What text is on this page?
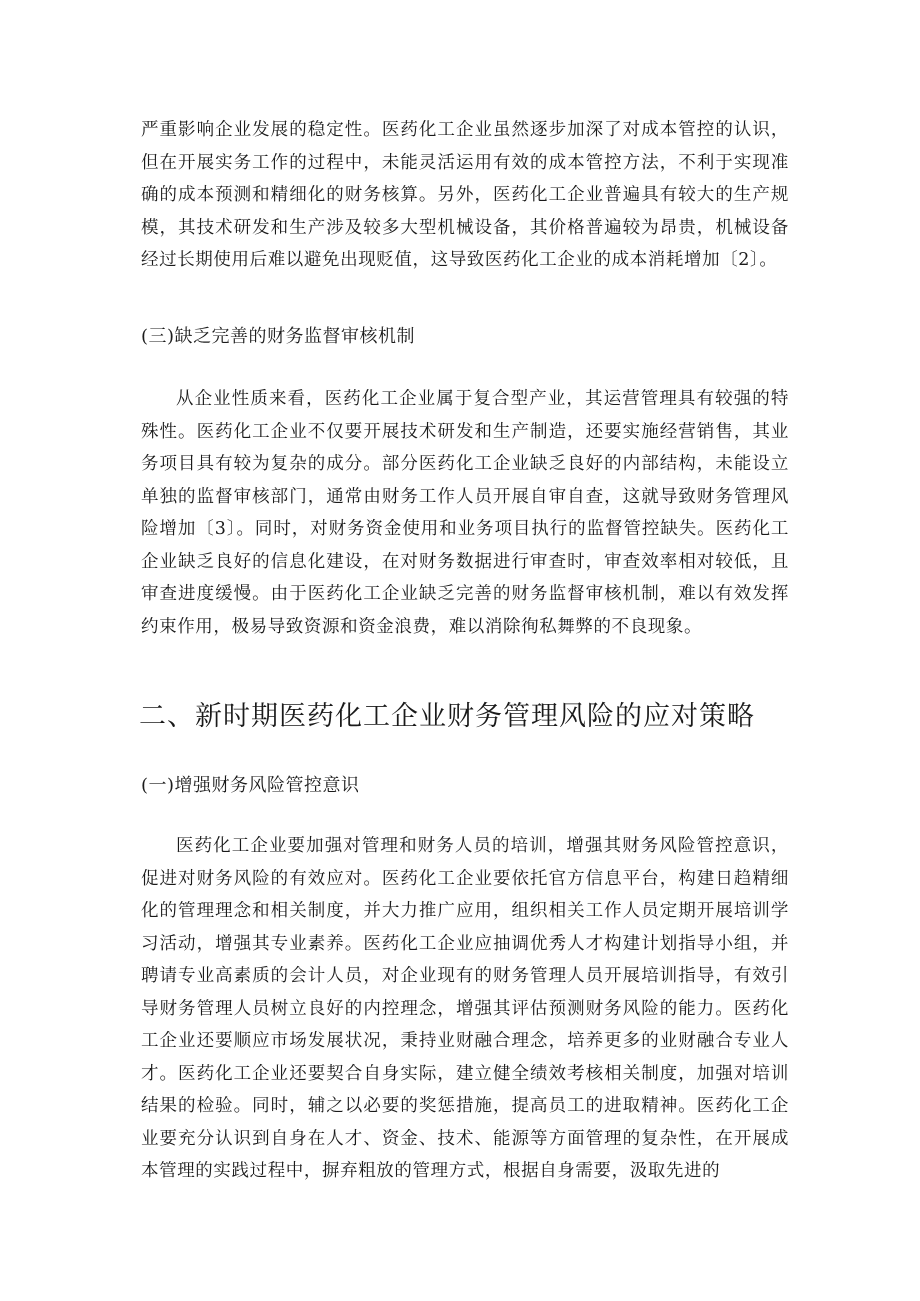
严重影响企业发展的稳定性。医药化工企业虽然逐步加深了对成本管控的认识，但在开展实务工作的过程中，未能灵活运用有效的成本管控方法，不利于实现准确的成本预测和精细化的财务核算。另外，医药化工企业普遍具有较大的生产规模，其技术研发和生产涉及较多大型机械设备，其价格普遍较为昂贵，机械设备经过长期使用后难以避免出现贬值，这导致医药化工企业的成本消耗增加〔2〕。

(三)缺乏完善的财务监督审核机制

从企业性质来看，医药化工企业属于复合型产业，其运营管理具有较强的特殊性。医药化工企业不仅要开展技术研发和生产制造，还要实施经营销售，其业务项目具有较为复杂的成分。部分医药化工企业缺乏良好的内部结构，未能设立单独的监督审核部门，通常由财务工作人员开展自审自查，这就导致财务管理风险增加〔3〕。同时，对财务资金使用和业务项目执行的监督管控缺失。医药化工企业缺乏良好的信息化建设，在对财务数据进行审查时，审查效率相对较低，且审查进度缓慢。由于医药化工企业缺乏完善的财务监督审核机制，难以有效发挥约束作用，极易导致资源和资金浪费，难以消除徇私舞弊的不良现象。

二、新时期医药化工企业财务管理风险的应对策略

(一)增强财务风险管控意识

医药化工企业要加强对管理和财务人员的培训，增强其财务风险管控意识，促进对财务风险的有效应对。医药化工企业要依托官方信息平台，构建日趋精细化的管理理念和相关制度，并大力推广应用，组织相关工作人员定期开展培训学习活动，增强其专业素养。医药化工企业应抽调优秀人才构建计划指导小组，并聘请专业高素质的会计人员，对企业现有的财务管理人员开展培训指导，有效引导财务管理人员树立良好的内控理念，增强其评估预测财务风险的能力。医药化工企业还要顺应市场发展状况，秉持业财融合理念，培养更多的业财融合专业人才。医药化工企业还要契合自身实际，建立健全绩效考核相关制度，加强对培训结果的检验。同时，辅之以必要的奖惩措施，提高员工的进取精神。医药化工企业要充分认识到自身在人才、资金、技术、能源等方面管理的复杂性，在开展成本管理的实践过程中，摒弃粗放的管理方式，根据自身需要，汲取先进的
